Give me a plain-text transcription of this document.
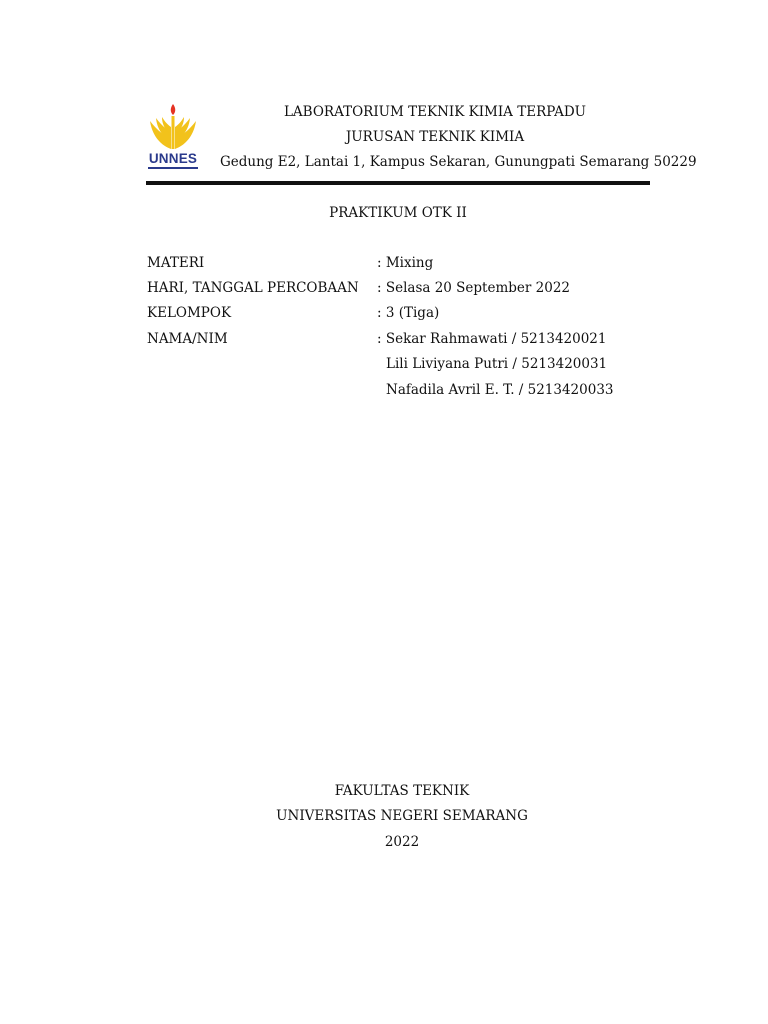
UNNES
LABORATORIUM TEKNIK KIMIA TERPADU
JURUSAN TEKNIK KIMIA
Gedung E2, Lantai 1, Kampus Sekaran, Gunungpati Semarang 50229
PRAKTIKUM OTK II
MATERI	: Mixing
HARI, TANGGAL PERCOBAAN : Selasa 20 September 2022
KELOMPOK	: 3 (Tiga)
NAMA/NIM	: Sekar Rahmawati / 5213420021
Lili Liviyana Putri / 5213420031
Nafadila Avril E. T. / 5213420033
FAKULTAS TEKNIK
UNIVERSITAS NEGERI SEMARANG
2022
